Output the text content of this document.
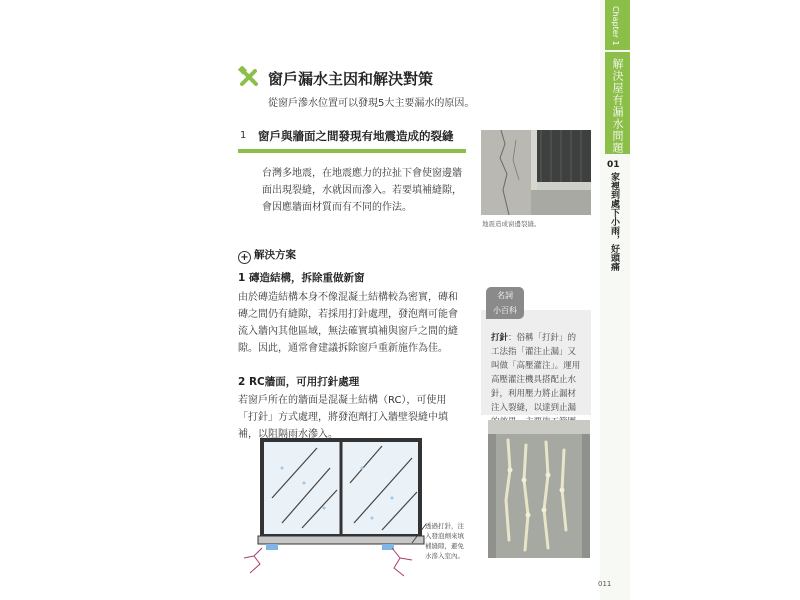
Chapter 1
解決屋有漏水問題
01
家裡到處下小雨，好頭痛
窗戶漏水主因和解決對策
從窗戶滲水位置可以發現5大主要漏水的原因。
1 窗戶與牆面之間發現有地震造成的裂縫
台灣多地震，在地震應力的拉扯下會使窗邊牆面出現裂縫，水就因而滲入。若要填補縫隙，會因應牆面材質而有不同的作法。
+ 解決方案
1 磚造結構，拆除重做新窗
由於磚造結構本身不像混凝土結構較為密實，磚和磚之間仍有縫隙，若採用打針處理，發泡劑可能會流入牆內其他區域，無法確實填補與窗戶之間的縫隙。因此，通常會建議拆除窗戶重新施作為佳。
2 RC牆面，可用打針處理
若窗戶所在的牆面是混凝土結構（RC），可使用「打針」方式處理，將發泡劑打入牆壁裂縫中填補，以阻隔雨水滲入。
地震造成窗邊裂縫。
名詞
小百科
打針：俗稱「打針」的工法指「灌注止漏」又叫做「高壓灌注」。運用高壓灌注機具搭配止水針，利用壓力將止漏材注入裂縫，以達到止漏
透過打針，注入發泡劑來填補縫隙，避免水滲入室內。
011
